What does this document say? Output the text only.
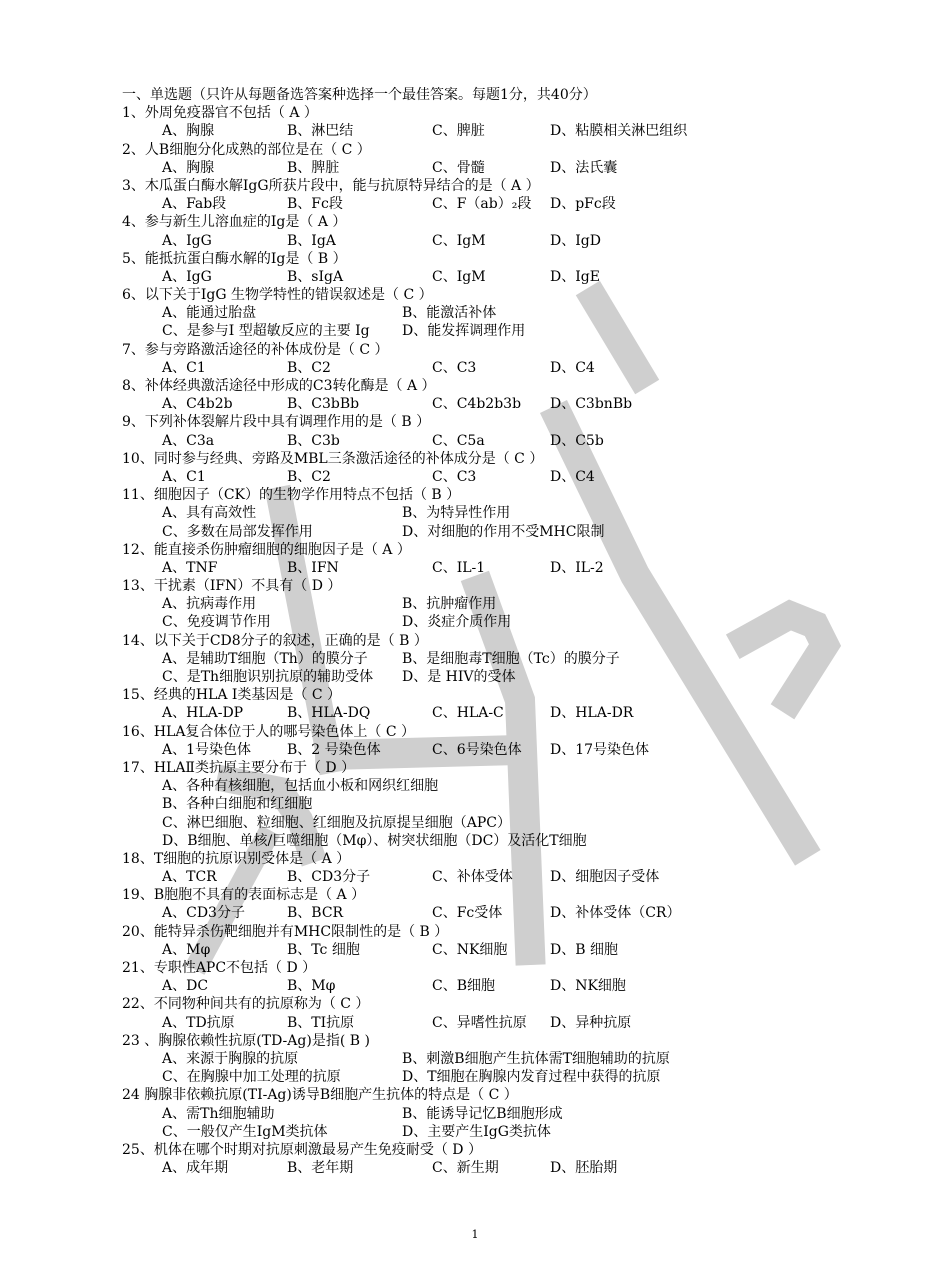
一、单选题（只许从每题备选答案种选择一个最佳答案。每题1分，共40分）
1、外周免疫器官不包括（ A ）
A、胸腺	B、淋巴结	C、脾脏	D、粘膜相关淋巴组织
2、人B细胞分化成熟的部位是在（ C ）
A、胸腺	B、脾脏	C、骨髓	D、法氏囊
3、木瓜蛋白酶水解IgG所获片段中，能与抗原特异结合的是（ A ）
A、Fab段	B、Fc段	C、F（ab）₂段 D、pFc段
4、参与新生儿溶血症的Ig是（ A ）
A、IgG	B、IgA	C、IgM	D、IgD
5、能抵抗蛋白酶水解的Ig是（ B ）
A、IgG	B、sIgA	C、IgM	D、IgE
6、以下关于IgG 生物学特性的错误叙述是（ C ）
A、能通过胎盘	B、能激活补体
C、是参与I 型超敏反应的主要 Ig D、能发挥调理作用
7、参与旁路激活途径的补体成份是（ C ）
A、C1	B、C2	C、C3	D、C4
8、补体经典激活途径中形成的C3转化酶是（ A ）
A、C4b2b	B、C3bBb	C、C4b2b3b D、C3bnBb
9、下列补体裂解片段中具有调理作用的是（ B ）
A、C3a	B、C3b	C、C5a	D、C5b
10、同时参与经典、旁路及MBL三条激活途径的补体成分是（ C ）
A、C1	B、C2	C、C3	D、C4
11、细胞因子（CK）的生物学作用特点不包括（ B ）
A、具有高效性	B、为特异性作用
C、多数在局部发挥作用	D、对细胞的作用不受MHC限制
12、能直接杀伤肿瘤细胞的细胞因子是（ A ）
A、TNF	B、IFN	C、IL-1	D、IL-2
13、干扰素（IFN）不具有（ D ）
A、抗病毒作用	B、抗肿瘤作用
C、免疫调节作用	D、炎症介质作用
14、以下关于CD8分子的叙述，正确的是（ B ）
A、是辅助T细胞（Th）的膜分子 B、是细胞毒T细胞（Tc）的膜分子
C、是Th细胞识别抗原的辅助受体 D、是 HIV的受体
15、经典的HLA I类基因是（ C ）
A、HLA-DP	B、HLA-DQ	C、HLA-C	D、HLA-DR
16、HLA复合体位于人的哪号染色体上（ C ）
A、1号染色体	B、2 号染色体	C、6号染色体 D、17号染色体
17、HLAⅡ类抗原主要分布于（ D ）
A、各种有核细胞，包括血小板和网织红细胞
B、各种白细胞和红细胞
C、淋巴细胞、粒细胞、红细胞及抗原提呈细胞（APC）
D、B细胞、单核/巨噬细胞（Mφ）、树突状细胞（DC）及活化T细胞
18、T细胞的抗原识别受体是（ A ）
A、TCR	B、CD3分子	C、补体受体	D、细胞因子受体
19、B胞胞不具有的表面标志是（ A ）
A、CD3分子	B、BCR	C、Fc受体	D、补体受体（CR）
20、能特异杀伤靶细胞并有MHC限制性的是（ B ）
A、Mφ	B、Tc 细胞	C、NK细胞	D、B 细胞
21、专职性APC不包括（ D ）
A、DC	B、Mφ	C、B细胞	D、NK细胞
22、不同物种间共有的抗原称为（ C ）
A、TD抗原	B、TI抗原	C、异嗜性抗原 D、异种抗原
23 、胸腺依赖性抗原(TD-Ag)是指( B )
A、来源于胸腺的抗原	B、刺激B细胞产生抗体需T细胞辅助的抗原
C、在胸腺中加工处理的抗原	D、T细胞在胸腺内发育过程中获得的抗原
24 胸腺非依赖抗原(TI-Ag)诱导B细胞产生抗体的特点是（ C ）
A、需Th细胞辅助	B、能诱导记忆B细胞形成
C、一般仅产生IgM类抗体	D、主要产生IgG类抗体
25、机体在哪个时期对抗原刺激最易产生免疫耐受（ D ）
A、成年期	B、老年期	C、新生期	D、胚胎期
1
